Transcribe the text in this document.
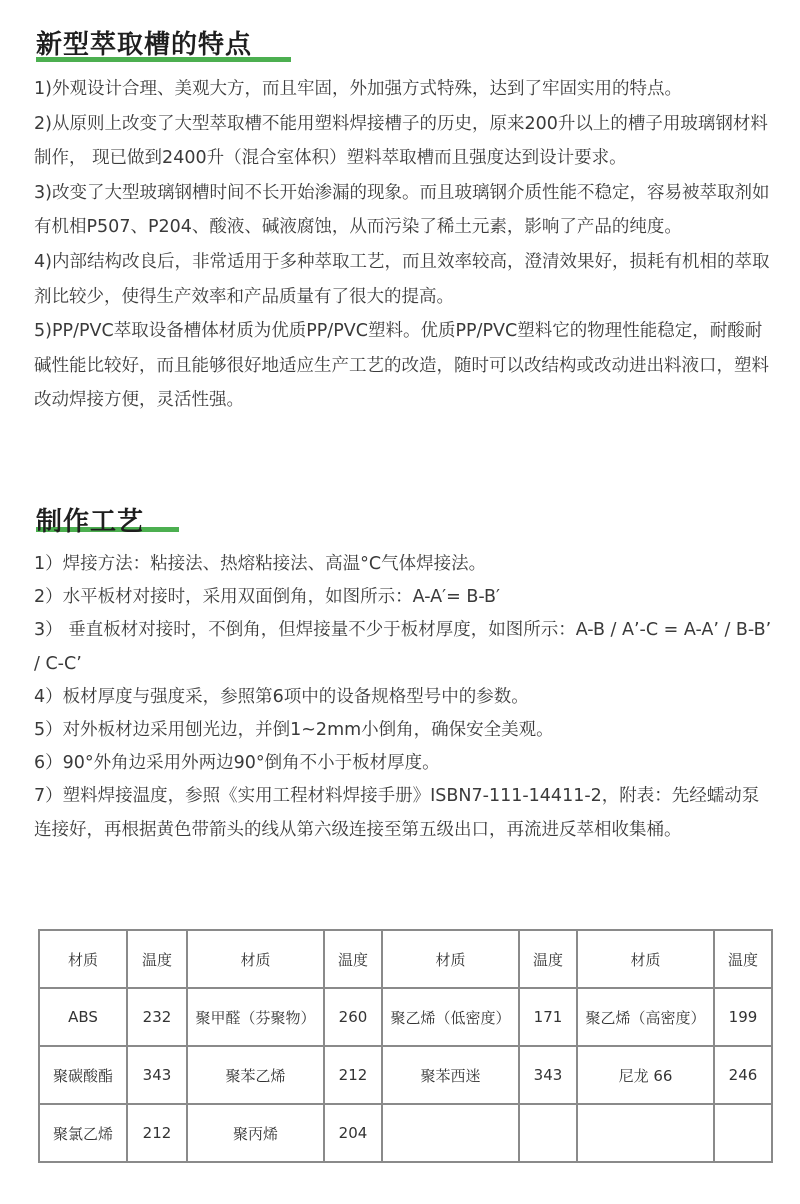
新型萃取槽的特点

1)外观设计合理、美观大方，而且牢固，外加强方式特殊，达到了牢固实用的特点。

2)从原则上改变了大型萃取槽不能用塑料焊接槽子的历史，原来200升以上的槽子用玻璃钢材料制作， 现已做到2400升（混合室体积）塑料萃取槽而且强度达到设计要求。

3)改变了大型玻璃钢槽时间不长开始渗漏的现象。而且玻璃钢介质性能不稳定，容易被萃取剂如有机相P507、P204、酸液、碱液腐蚀，从而污染了稀土元素，影响了产品的纯度。

4)内部结构改良后，非常适用于多种萃取工艺，而且效率较高，澄清效果好，损耗有机相的萃取剂比较少，使得生产效率和产品质量有了很大的提高。

5)PP/PVC萃取设备槽体材质为优质PP/PVC塑料。优质PP/PVC塑料它的物理性能稳定，耐酸耐碱性能比较好，而且能够很好地适应生产工艺的改造，随时可以改结构或改动进出料液口，塑料改动焊接方便，灵活性强。

制作工艺

1）焊接方法：粘接法、热熔粘接法、高温°C气体焊接法。

2）水平板材对接时，采用双面倒角，如图所示：A-A′= B-B′

3） 垂直板材对接时，不倒角，但焊接量不少于板材厚度，如图所示：A-B / A’-C = A-A’ / B-B’ / C-C’

4）板材厚度与强度采，参照第6项中的设备规格型号中的参数。

5）对外板材边采用刨光边，并倒1~2mm小倒角，确保安全美观。

6）90°外角边采用外两边90°倒角不小于板材厚度。

7）塑料焊接温度，参照《实用工程材料焊接手册》ISBN7-111-14411-2，附表：先经蠕动泵连接好，再根据黄色带箭头的线从第六级连接至第五级出口，再流进反萃相收集桶。

材质	温度	材质	温度	材质	温度	材质	温度
ABS	232	聚甲醛（芬聚物）	260	聚乙烯（低密度）	171	聚乙烯（高密度）	199
聚碳酸酯	343	聚苯乙烯	212	聚苯西迷	343	尼龙 66	246
聚氯乙烯	212	聚丙烯	204				
